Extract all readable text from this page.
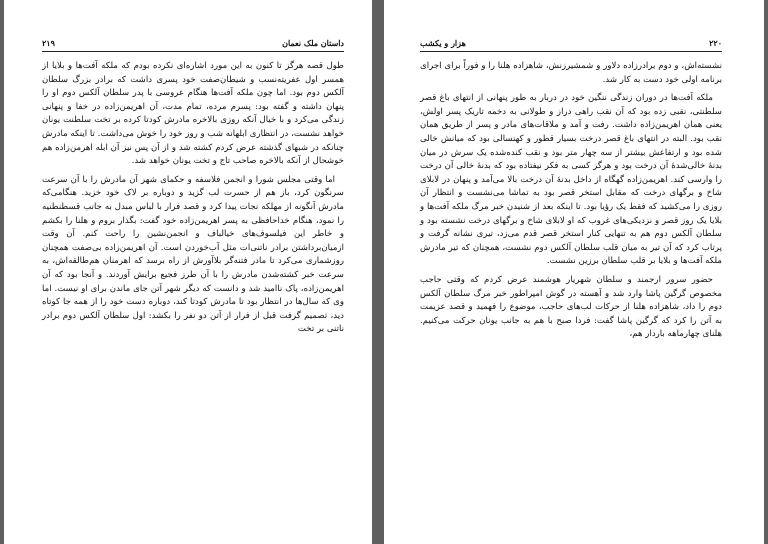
داستان ملک نعمان
۲۱۹

طول قصه هرگز تا کنون به این مورد اشاره‌ای نکرده بودم که ملکه آفت‌ها و بلایا از همسر اول عفریته‌نسب و شیطان‌صفت خود پسری داشت که برادر بزرگ سلطان آلکس دوم بود. اما چون ملکه آفت‌ها هنگام عروسی با پدر سلطان آلکس دوم او را پنهان داشته و گفته بود: پسرم مرده، تمام مدت، آن اهریمن‌زاده در خفا و پنهانی زندگی می‌کرد و با خیال آنکه روزی بالاخره مادرش کودتا کرده بر تخت سلطنت یونان خواهد نشست، در انتظاری ابلهانه شب و روز خود را خوش می‌داشت. تا اینکه مادرش چنانکه در شبهای گذشته عرض کردم کشته شد و از آن پس نیز آن ابله اهرمن‌زاده هم خوشحال از آنکه بالاخره صاحب تاج و تخت یونان خواهد شد.

اما وقتی مجلس شورا و انجمن فلاسفه و حکمای شهر آن مادرش را با آن سرعت سرنگون کرد، باز هم از حسرت لب گزید و دوباره بر لاک خود خزید. هنگامی‌که مادرش آنگونه از مهلکه نجات پیدا کرد و قصد فرار با لباس مبدل به جانب قسطنطنیه را نمود، هنگام خداحافظی به پسر اهریمن‌زاده خود گفت: بگذار بروم و هلنا را بکشم و خاطر این فیلسوف‌های خیالباف و انجمن‌نشین را راحت کنم. آن وقت ازمیان‌برداشتن برادر ناتنی‌ات مثل آب‌خوردن است. آن اهریمن‌زاده بی‌صفت همچنان روزشماری می‌کرد تا مادر فتنه‌گر بلاآورش از راه برسد که اهرمنان هم‌طالقه‌اش، به سرعت خبر کشته‌شدن مادرش را با آن طرز فجیع برایش آوردند. و آنجا بود که آن اهریمن‌زاده، پاک ناامید شد و دانست که دیگر شهر آتن جای ماندن برای او نیست. اما وی که سال‌ها در انتظار بود تا مادرش کودتا کند، دوباره دست خود را از همه جا کوتاه دید، تصمیم گرفت قبل از فرار از آتن دو نفر را بکشد: اول سلطان آلکس دوم برادر ناتنی بر تخت

۲۲۰
هزار و یکشب

نشسته‌اش، و دوم برادرزاده دلاور و شمشیرزنش، شاهزاده هلنا را و فوراً برای اجرای برنامه اولی خود دست به کار شد.

ملکه آفت‌ها در دوران زندگی ننگین خود در دربار به طور پنهانی از انتهای باغ قصر سلطنتی، نقبی زده بود که آن نقب راهی دراز و طولانی به دخمه تاریک پسر اولش، یعنی همان اهریمن‌زاده داشت. رفت و آمد و ملاقات‌های مادر و پسر از طریق همان نقب بود. البته در انتهای باغ قصر درخت بسیار قطور و کهنسالی بود که میانش خالی شده بود و ارتفاعش بیشتر از سه چهار متر بود و نقب کنده‌شده یک سرش در میان بدنهٔ خالی‌شدهٔ آن درخت بود و هرگز کسی به فکر نیفتاده بود که بدنهٔ خالی آن درخت را وارسی کند. اهریمن‌زاده گهگاه از داخل بدنهٔ آن درخت بالا می‌آمد و پنهان در لابلای شاخ و برگهای درخت که مقابل استخر قصر بود به تماشا می‌نشست و انتظار آن روزی را می‌کشید که فقط یک رؤیا بود. تا اینکه بعد از شنیدن خبر مرگ ملکه آفت‌ها و بلایا یک روز قصر و نزدیکی‌های غروب که او لابلای شاخ و برگهای درخت نشسته بود و سلطان آلکس دوم هم به تنهایی کنار استخر قصر قدم می‌زد، تیری نشانه گرفت و پرتاب کرد که آن تیر به میان قلب سلطان آلکس دوم نشست، همچنان که تیر مادرش ملکه آفت‌ها و بلایا بر قلب سلطان برزین نشست.

حضور سرور ارجمند و سلطان شهریار هوشمند عرض کردم که وقتی حاجب مخصوص گرگین پاشا وارد شد و آهسته در گوش امپراطور خبر مرگ سلطان آلکس دوم را داد، شاهزاده هلنا از حرکات لب‌های حاجب، موضوع را فهمید و قصد عزیمت به آتن را کرد که گرگین پاشا گفت: فردا صبح با هم به جانب یونان حرکت می‌کنیم. هلنای چهارماهه باردار هم،
